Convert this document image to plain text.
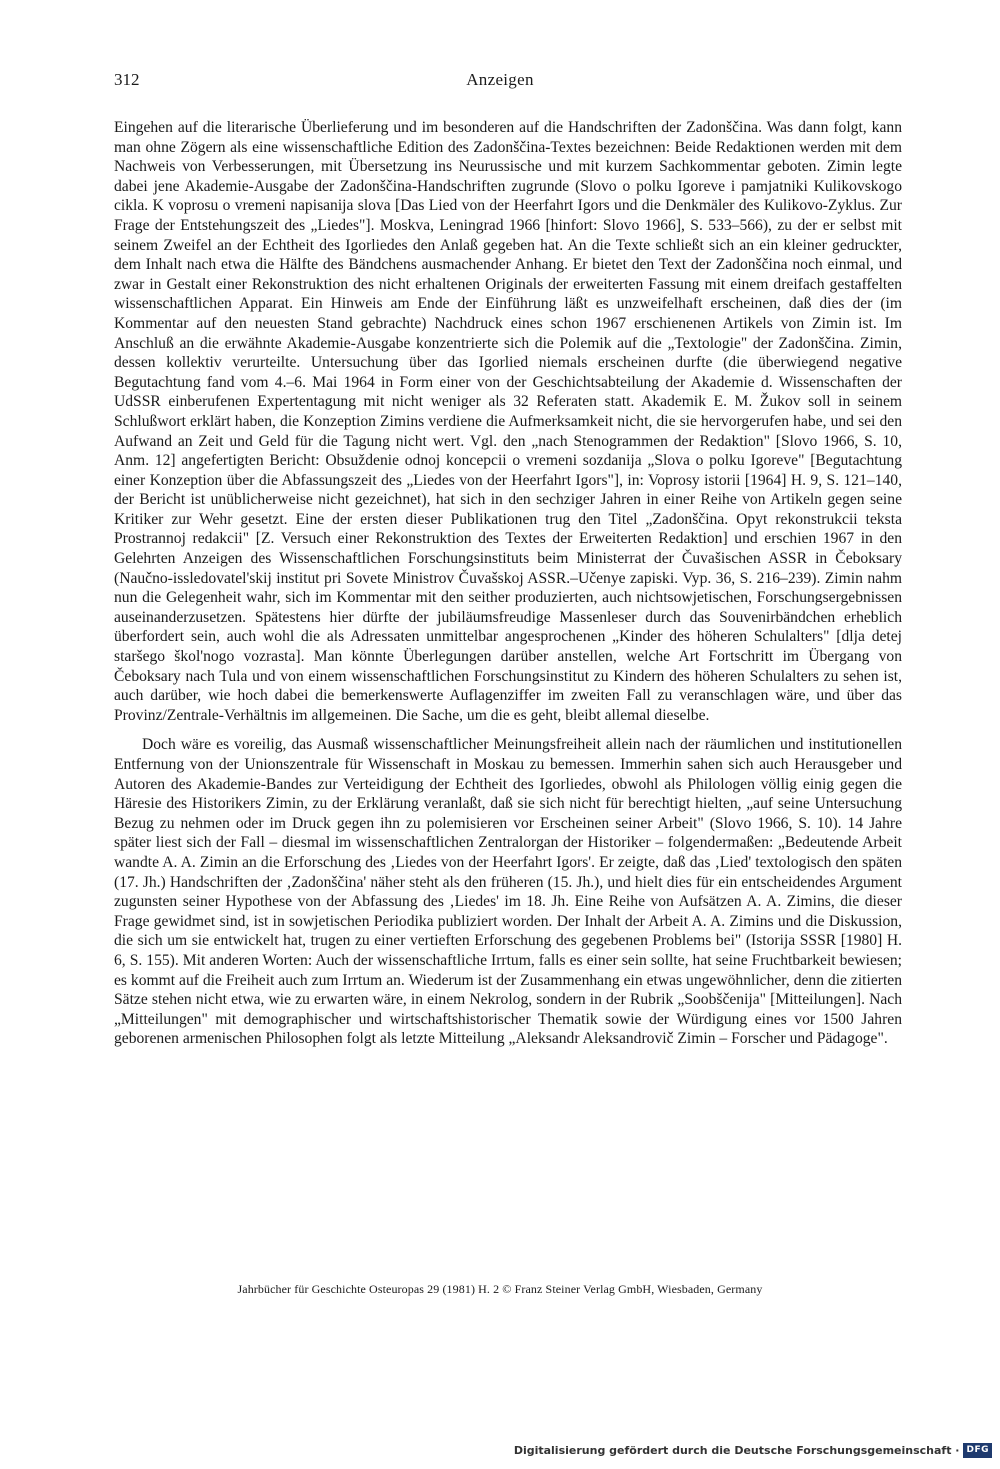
312	Anzeigen

Eingehen auf die literarische Überlieferung und im besonderen auf die Handschriften der Zadonščina. Was dann folgt, kann man ohne Zögern als eine wissenschaftliche Edition des Zadonščina-Textes bezeichnen: Beide Redaktionen werden mit dem Nachweis von Verbesserungen, mit Übersetzung ins Neurussische und mit kurzem Sachkommentar geboten. Zimin legte dabei jene Akademie-Ausgabe der Zadonščina-Handschriften zugrunde (Slovo o polku Igoreve i pamjatniki Kulikovskogo cikla. K voprosu o vremeni napisanija slova [Das Lied von der Heerfahrt Igors und die Denkmäler des Kulikovo-Zyklus. Zur Frage der Entstehungszeit des „Liedes"]. Moskva, Leningrad 1966 [hinfort: Slovo 1966], S. 533–566), zu der er selbst mit seinem Zweifel an der Echtheit des Igorliedes den Anlaß gegeben hat. An die Texte schließt sich an ein kleiner gedruckter, dem Inhalt nach etwa die Hälfte des Bändchens ausmachender Anhang. Er bietet den Text der Zadonščina noch einmal, und zwar in Gestalt einer Rekonstruktion des nicht erhaltenen Originals der erweiterten Fassung mit einem dreifach gestaffelten wissenschaftlichen Apparat. Ein Hinweis am Ende der Einführung läßt es unzweifelhaft erscheinen, daß dies der (im Kommentar auf den neuesten Stand gebrachte) Nachdruck eines schon 1967 erschienenen Artikels von Zimin ist. Im Anschluß an die erwähnte Akademie-Ausgabe konzentrierte sich die Polemik auf die „Textologie" der Zadonščina. Zimin, dessen kollektiv verurteilte. Untersuchung über das Igorlied niemals erscheinen durfte (die überwiegend negative Begutachtung fand vom 4.–6. Mai 1964 in Form einer von der Geschichtsabteilung der Akademie d. Wissenschaften der UdSSR einberufenen Expertentagung mit nicht weniger als 32 Referaten statt. Akademik E. M. Žukov soll in seinem Schlußwort erklärt haben, die Konzeption Zimins verdiene die Aufmerksamkeit nicht, die sie hervorgerufen habe, und sei den Aufwand an Zeit und Geld für die Tagung nicht wert. Vgl. den „nach Stenogrammen der Redaktion" [Slovo 1966, S. 10, Anm. 12] angefertigten Bericht: Obsuždenie odnoj koncepcii o vremeni sozdanija „Slova o polku Igoreve" [Begutachtung einer Konzeption über die Abfassungszeit des „Liedes von der Heerfahrt Igors"], in: Voprosy istorii [1964] H. 9, S. 121–140, der Bericht ist unüblicherweise nicht gezeichnet), hat sich in den sechziger Jahren in einer Reihe von Artikeln gegen seine Kritiker zur Wehr gesetzt. Eine der ersten dieser Publikationen trug den Titel „Zadonščina. Opyt rekonstrukcii teksta Prostrannoj redakcii" [Z. Versuch einer Rekonstruktion des Textes der Erweiterten Redaktion] und erschien 1967 in den Gelehrten Anzeigen des Wissenschaftlichen Forschungsinstituts beim Ministerrat der Čuvašischen ASSR in Čeboksary (Naučno-issledovatel'skij institut pri Sovete Ministrov Čuvašskoj ASSR.–Učenye zapiski. Vyp. 36, S. 216–239). Zimin nahm nun die Gelegenheit wahr, sich im Kommentar mit den seither produzierten, auch nichtsowjetischen, Forschungsergebnissen auseinanderzusetzen. Spätestens hier dürfte der jubiläumsfreudige Massenleser durch das Souvenirbändchen erheblich überfordert sein, auch wohl die als Adressaten unmittelbar angesprochenen „Kinder des höheren Schulalters" [dlja detej staršego škol'nogo vozrasta]. Man könnte Überlegungen darüber anstellen, welche Art Fortschritt im Übergang von Čeboksary nach Tula und von einem wissenschaftlichen Forschungsinstitut zu Kindern des höheren Schulalters zu sehen ist, auch darüber, wie hoch dabei die bemerkenswerte Auflagenziffer im zweiten Fall zu veranschlagen wäre, und über das Provinz/Zentrale-Verhältnis im allgemeinen. Die Sache, um die es geht, bleibt allemal dieselbe.

Doch wäre es voreilig, das Ausmaß wissenschaftlicher Meinungsfreiheit allein nach der räumlichen und institutionellen Entfernung von der Unionszentrale für Wissenschaft in Moskau zu bemessen. Immerhin sahen sich auch Herausgeber und Autoren des Akademie-Bandes zur Verteidigung der Echtheit des Igorliedes, obwohl als Philologen völlig einig gegen die Häresie des Historikers Zimin, zu der Erklärung veranlaßt, daß sie sich nicht für berechtigt hielten, „auf seine Untersuchung Bezug zu nehmen oder im Druck gegen ihn zu polemisieren vor Erscheinen seiner Arbeit" (Slovo 1966, S. 10). 14 Jahre später liest sich der Fall – diesmal im wissenschaftlichen Zentralorgan der Historiker – folgendermaßen: „Bedeutende Arbeit wandte A. A. Zimin an die Erforschung des ‚Liedes von der Heerfahrt Igors'. Er zeigte, daß das ‚Lied' textologisch den späten (17. Jh.) Handschriften der ‚Zadonščina' näher steht als den früheren (15. Jh.), und hielt dies für ein entscheidendes Argument zugunsten seiner Hypothese von der Abfassung des ‚Liedes' im 18. Jh. Eine Reihe von Aufsätzen A. A. Zimins, die dieser Frage gewidmet sind, ist in sowjetischen Periodika publiziert worden. Der Inhalt der Arbeit A. A. Zimins und die Diskussion, die sich um sie entwickelt hat, trugen zu einer vertieften Erforschung des gegebenen Problems bei" (Istorija SSSR [1980] H. 6, S. 155). Mit anderen Worten: Auch der wissenschaftliche Irrtum, falls es einer sein sollte, hat seine Fruchtbarkeit bewiesen; es kommt auf die Freiheit auch zum Irrtum an. Wiederum ist der Zusammenhang ein etwas ungewöhnlicher, denn die zitierten Sätze stehen nicht etwa, wie zu erwarten wäre, in einem Nekrolog, sondern in der Rubrik „Soobščenija" [Mitteilungen]. Nach „Mitteilungen" mit demographischer und wirtschaftshistorischer Thematik sowie der Würdigung eines vor 1500 Jahren geborenen armenischen Philosophen folgt als letzte Mitteilung „Aleksandr Aleksandrovič Zimin – Forscher und Pädagoge".

Jahrbücher für Geschichte Osteuropas 29 (1981) H. 2 © Franz Steiner Verlag GmbH, Wiesbaden, Germany
Digitalisierung gefördert durch die Deutsche Forschungsgemeinschaft · DFG
